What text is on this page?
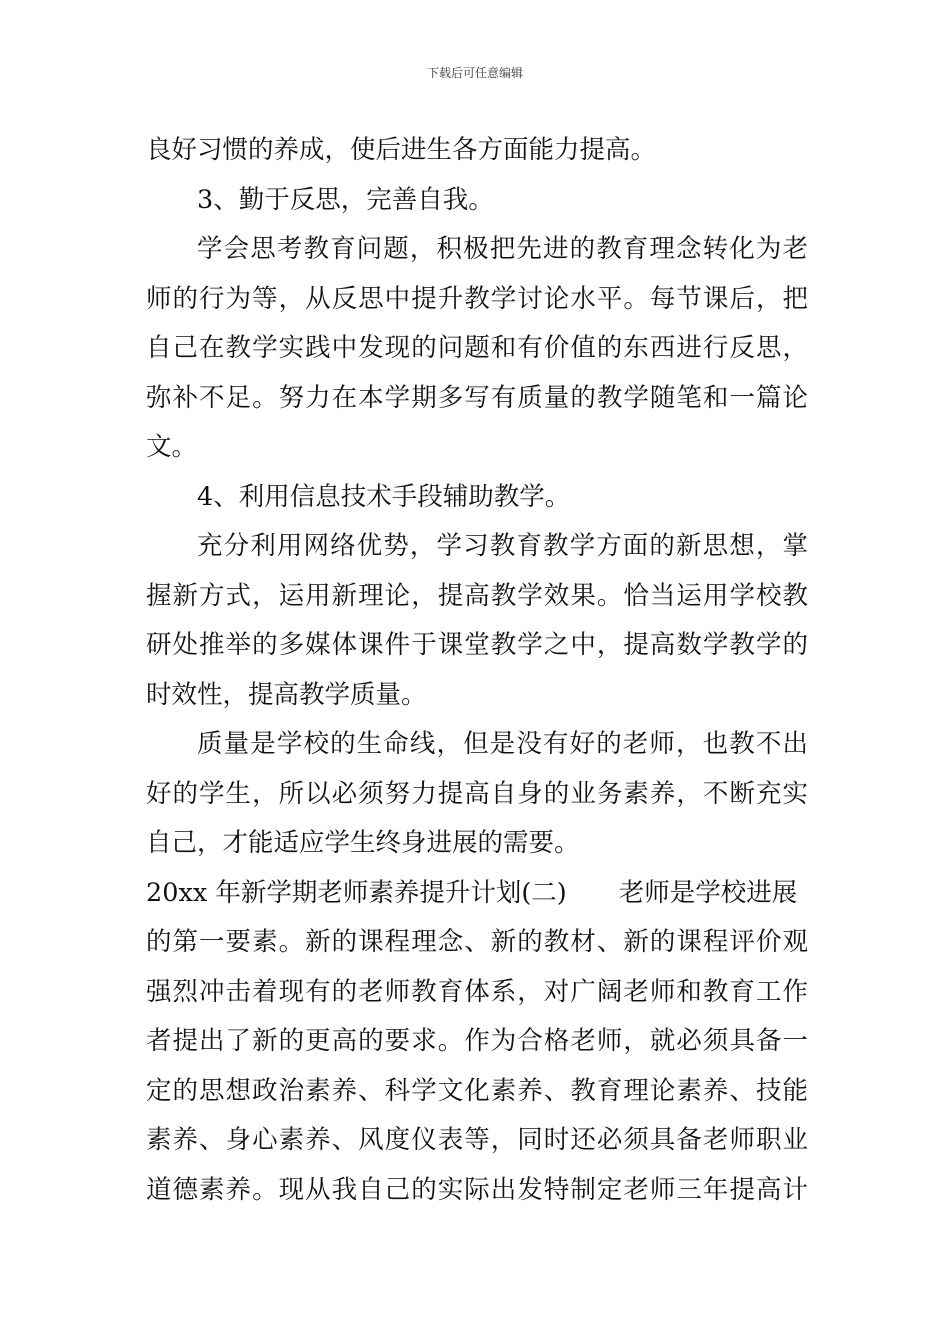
下载后可任意编辑
良好习惯的养成，使后进生各方面能力提高。
3、勤于反思，完善自我。
学会思考教育问题，积极把先进的教育理念转化为老
师的行为等，从反思中提升教学讨论水平。每节课后，把
自己在教学实践中发现的问题和有价值的东西进行反思，
弥补不足。努力在本学期多写有质量的教学随笔和一篇论
文。
4、利用信息技术手段辅助教学。
充分利用网络优势，学习教育教学方面的新思想，掌
握新方式，运用新理论，提高教学效果。恰当运用学校教
研处推举的多媒体课件于课堂教学之中，提高数学教学的
时效性，提高教学质量。
质量是学校的生命线，但是没有好的老师，也教不出
好的学生，所以必须努力提高自身的业务素养，不断充实
自己，才能适应学生终身进展的需要。
20xx 年新学期老师素养提升计划(二) 老师是学校进展
的第一要素。新的课程理念、新的教材、新的课程评价观
强烈冲击着现有的老师教育体系，对广阔老师和教育工作
者提出了新的更高的要求。作为合格老师，就必须具备一
定的思想政治素养、科学文化素养、教育理论素养、技能
素养、身心素养、风度仪表等，同时还必须具备老师职业
道德素养。现从我自己的实际出发特制定老师三年提高计
